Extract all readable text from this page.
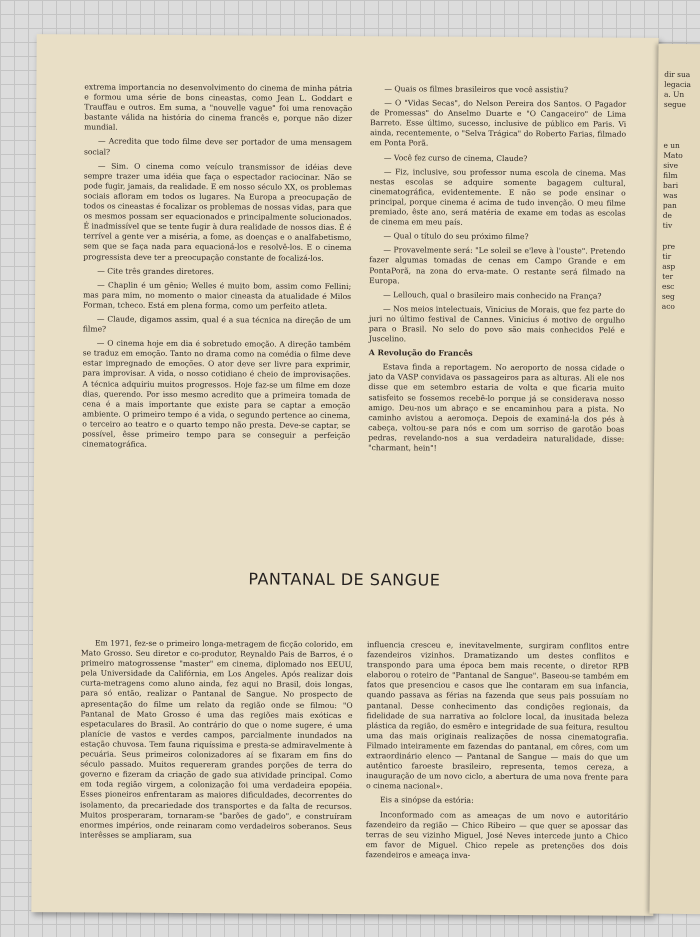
extrema importancia no desenvolvimento do cinema de minha pátria e formou uma série de bons cineastas, como Jean L. Goddart e Trauffau e outros. Em suma, a "nouvelle vague" foi uma renovação bastante válida na história do cinema francês e, porque não dizer mundial.

— Acredita que todo filme deve ser portador de uma mensagem social?

— Sim. O cinema como veículo transmissor de idéias deve sempre trazer uma idéia que faça o espectador raciocinar. Não se pode fugir, jamais, da realidade. E em nosso século XX, os problemas sociais afloram em todos os lugares. Na Europa a preocupação de todos os cineastas é focalizar os problemas de nossas vidas, para que os mesmos possam ser equacionados e principalmente solucionados. É inadmissível que se tente fugir à dura realidade de nossos dias. É é terrível a gente ver a miséria, a fome, as doenças e o analfabetismo, sem que se faça nada para equacioná-los e resolvê-los. E o cinema progressista deve ter a preocupação constante de focalizá-los.

— Cite três grandes diretores.

— Chaplin é um gênio; Welles é muito bom, assim como Fellini; mas para mim, no momento o maior cineasta da atualidade é Milos Forman, tcheco. Está em plena forma, como um perfeito atleta.

— Claude, digamos assim, qual é a sua técnica na direção de um filme?

— O cinema hoje em dia é sobretudo emoção. A direção também se traduz em emoção. Tanto no drama como na comédia o filme deve estar impregnado de emoções. O ator deve ser livre para exprimir, para improvisar. A vida, o nosso cotidiano é cheio de improvisações. A técnica adquiriu muitos progressos. Hoje faz-se um filme em doze dias, querendo. Por isso mesmo acredito que a primeira tomada de cena é a mais importante que existe para se captar a emoção ambiente. O primeiro tempo é a vida, o segundo pertence ao cinema, o terceiro ao teatro e o quarto tempo não presta. Deve-se captar, se possível, êsse primeiro tempo para se conseguir a perfeição cinematográfica.

— Quais os filmes brasileiros que você assistiu?

— O "Vidas Secas", do Nelson Pereira dos Santos. O Pagador de Promessas" do Anselmo Duarte e "O Cangaceiro" de Lima Barreto. Esse último, sucesso, inclusive de público em Paris. Vi ainda, recentemente, o "Selva Trágica" do Roberto Farias, filmado em Ponta Porã.

— Você fez curso de cinema, Claude?

— Fiz, inclusive, sou professor numa escola de cinema. Mas nestas escolas se adquire somente bagagem cultural, cinematográfica, evidentemente. E não se pode ensinar o principal, porque cinema é acima de tudo invenção. O meu filme premiado, êste ano, será matéria de exame em todas as escolas de cinema em meu país.

— Qual o título do seu próximo filme?

— Provavelmente será: "Le soleil se e'leve à l'ouste". Pretendo fazer algumas tomadas de cenas em Campo Grande e em PontaPorã, na zona do erva-mate. O restante será filmado na Europa.

— Lellouch, qual o brasileiro mais conhecido na França?

— Nos meios intelectuais, Vinicius de Morais, que fez parte do juri no último festival de Cannes. Vinicius é motivo de orgulho para o Brasil. No selo do povo são mais conhecidos Pelé e Juscelino.

A Revolução do Francês

Estava finda a reportagem. No aeroporto de nossa cidade o jato da VASP convidava os passageiros para as alturas. Ali ele nos disse que em setembro estaria de volta e que ficaria muito satisfeito se fossemos recebê-lo porque já se considerava nosso amigo. Deu-nos um abraço e se encaminhou para a pista. No caminho avistou a aeromoça. Depois de examiná-la dos pés à cabeça, voltou-se para nós e com um sorriso de garotão boas pedras, revelando-nos a sua verdadeira naturalidade, disse: "charmant, hein"!

PANTANAL DE SANGUE

Em 1971, fez-se o primeiro longa-metragem de ficção colorido, em Mato Grosso. Seu diretor e co-produtor, Reynaldo Pais de Barros, é o primeiro matogrossense "master" em cinema, diplomado nos EEUU, pela Universidade da Califórnia, em Los Angeles. Após realizar dois curta-metragens como aluno ainda, fez aqui no Brasil, dois longas, para só então, realizar o Pantanal de Sangue. No prospecto de apresentação do filme um relato da região onde se filmou: "O Pantanal de Mato Grosso é uma das regiões mais exóticas e espetaculares do Brasil. Ao contrário do que o nome sugere, é uma planície de vastos e verdes campos, parcialmente inundados na estação chuvosa. Tem fauna riquíssima e presta-se admiravelmente à pecuária. Seus primeiros colonizadores aí se fixaram em fins do século passado. Muitos requereram grandes porções de terra do governo e fizeram da criação de gado sua atividade principal. Como em toda região virgem, a colonização foi uma verdadeira epopéia. Esses pioneiros enfrentaram as maiores dificuldades, decorrentes do isolamento, da precariedade dos transportes e da falta de recursos. Muitos prosperaram, tornaram-se "barões de gado", e construíram enormes impérios, onde reinaram como verdadeiros soberanos. Seus interêsses se ampliaram, sua

influencia cresceu e, inevitavelmente, surgiram conflitos entre fazendeiros vizinhos. Dramatizando um destes conflitos e transpondo para uma época bem mais recente, o diretor RPB elaborou o roteiro de "Pantanal de Sangue". Baseou-se também em fatos que presenciou e casos que lhe contaram em sua infancia, quando passava as férias na fazenda que seus pais possuíam no pantanal. Desse conhecimento das condições regionais, da fidelidade de sua narrativa ao folclore local, da inusitada beleza plástica da região, do esmêro e integridade de sua feitura, resultou uma das mais originais realizações de nossa cinematografia. Filmado inteiramente em fazendas do pantanal, em côres, com um extraordinário elenco — Pantanal de Sangue — mais do que um autêntico faroeste brasileiro, representa, temos cereza, a inauguração de um novo ciclo, a abertura de uma nova frente para o cinema nacional».

Eis a sinópse da estória:

Inconformado com as ameaças de um novo e autoritário fazendeiro da região — Chico Ribeiro — que quer se apossar das terras de seu vizinho Miguel, José Neves intercede junto a Chico em favor de Miguel. Chico repele as pretenções dos dois fazendeiros e ameaça inva-

dir sua
legacia
a. Un
segue

e un
Mato
sive
film
bari
was
pan
de
tiv

pre
tir
asp
ter
esc
seg
aco
